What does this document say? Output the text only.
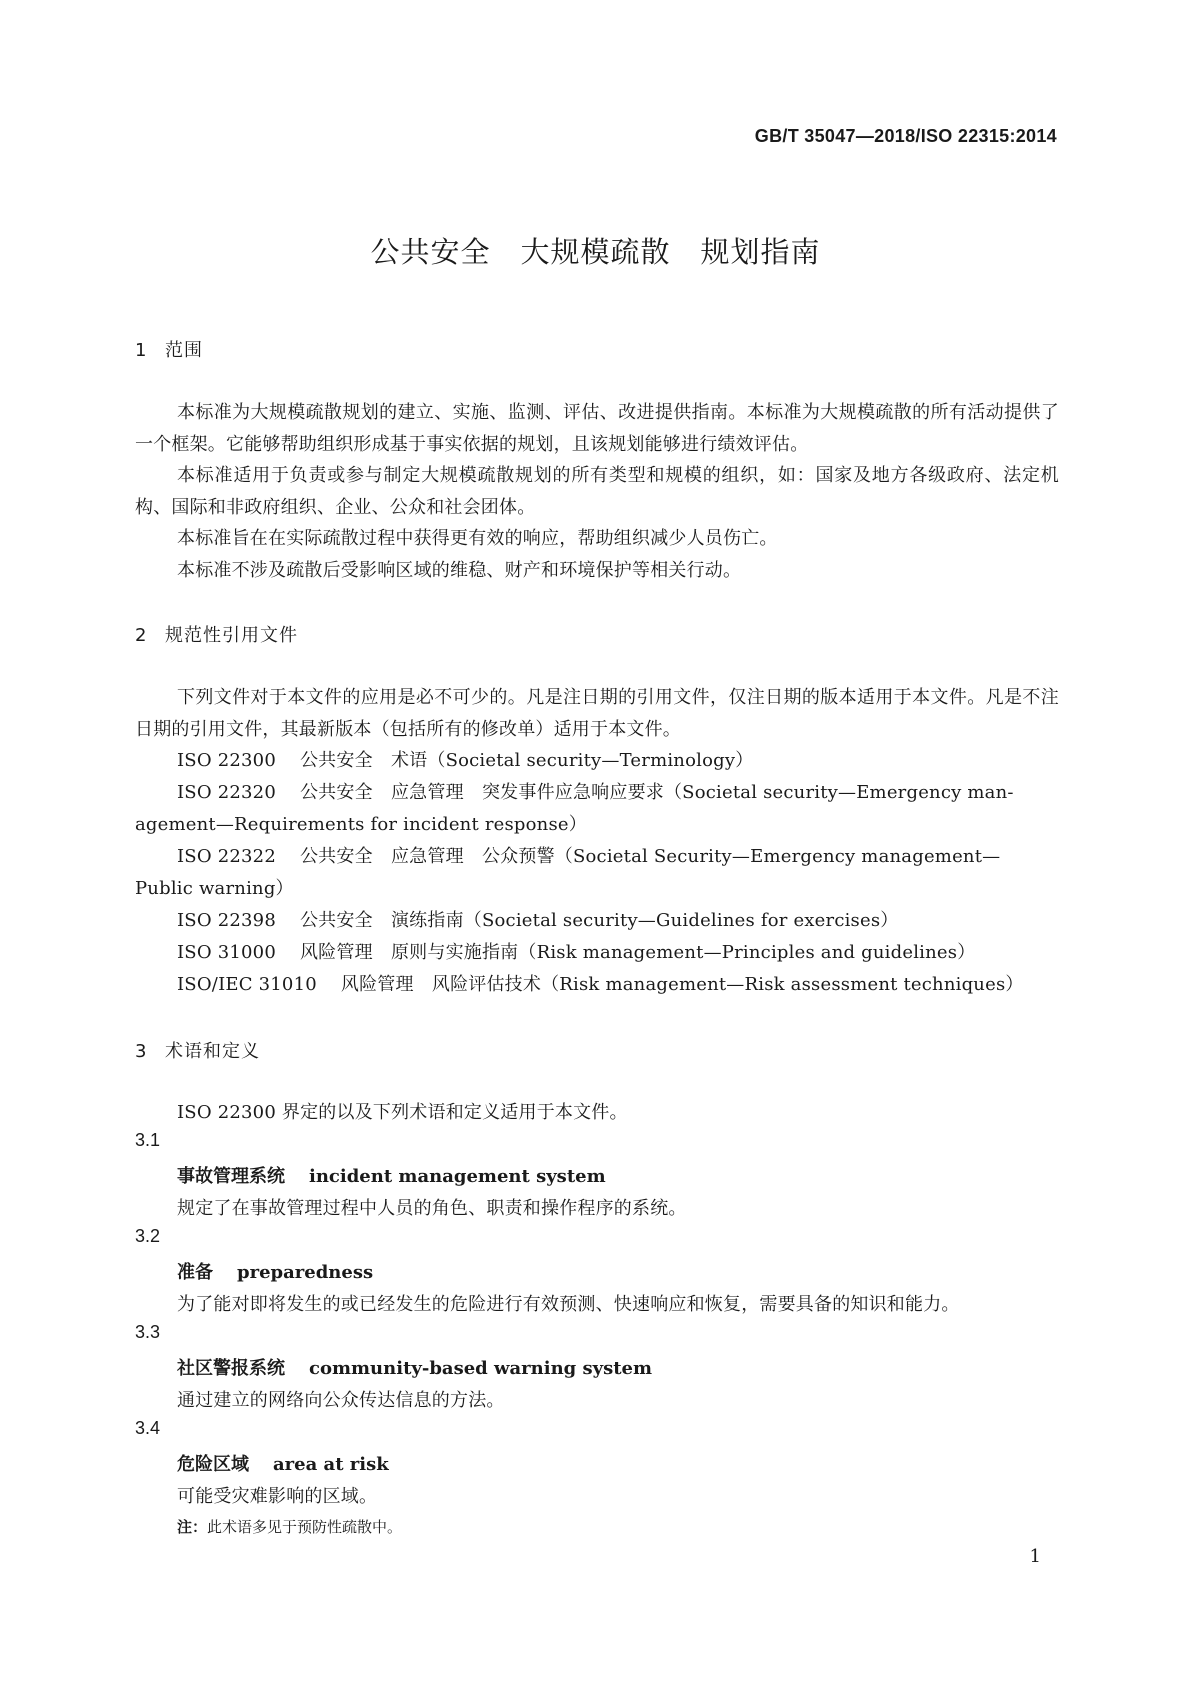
GB/T 35047—2018/ISO 22315:2014
公共安全　大规模疏散　规划指南
1 范围
本标准为大规模疏散规划的建立、实施、监测、评估、改进提供指南。本标准为大规模疏散的所有活动提供了一个框架。它能够帮助组织形成基于事实依据的规划，且该规划能够进行绩效评估。
本标准适用于负责或参与制定大规模疏散规划的所有类型和规模的组织，如：国家及地方各级政府、法定机构、国际和非政府组织、企业、公众和社会团体。
本标准旨在在实际疏散过程中获得更有效的响应，帮助组织减少人员伤亡。
本标准不涉及疏散后受影响区域的维稳、财产和环境保护等相关行动。
2 规范性引用文件
下列文件对于本文件的应用是必不可少的。凡是注日期的引用文件，仅注日期的版本适用于本文件。凡是不注日期的引用文件，其最新版本（包括所有的修改单）适用于本文件。
ISO 22300 公共安全　术语（Societal security—Terminology）
ISO 22320 公共安全　应急管理　突发事件应急响应要求（Societal security—Emergency man-
agement—Requirements for incident response）
ISO 22322 公共安全　应急管理　公众预警（Societal Security—Emergency management—
Public warning）
ISO 22398 公共安全　演练指南（Societal security—Guidelines for exercises）
ISO 31000 风险管理　原则与实施指南（Risk management—Principles and guidelines）
ISO/IEC 31010 风险管理　风险评估技术（Risk management—Risk assessment techniques）
3 术语和定义
ISO 22300 界定的以及下列术语和定义适用于本文件。
3.1
事故管理系统 incident management system
规定了在事故管理过程中人员的角色、职责和操作程序的系统。
3.2
准备 preparedness
为了能对即将发生的或已经发生的危险进行有效预测、快速响应和恢复，需要具备的知识和能力。
3.3
社区警报系统 community-based warning system
通过建立的网络向公众传达信息的方法。
3.4
危险区域 area at risk
可能受灾难影响的区域。
注：此术语多见于预防性疏散中。
1
